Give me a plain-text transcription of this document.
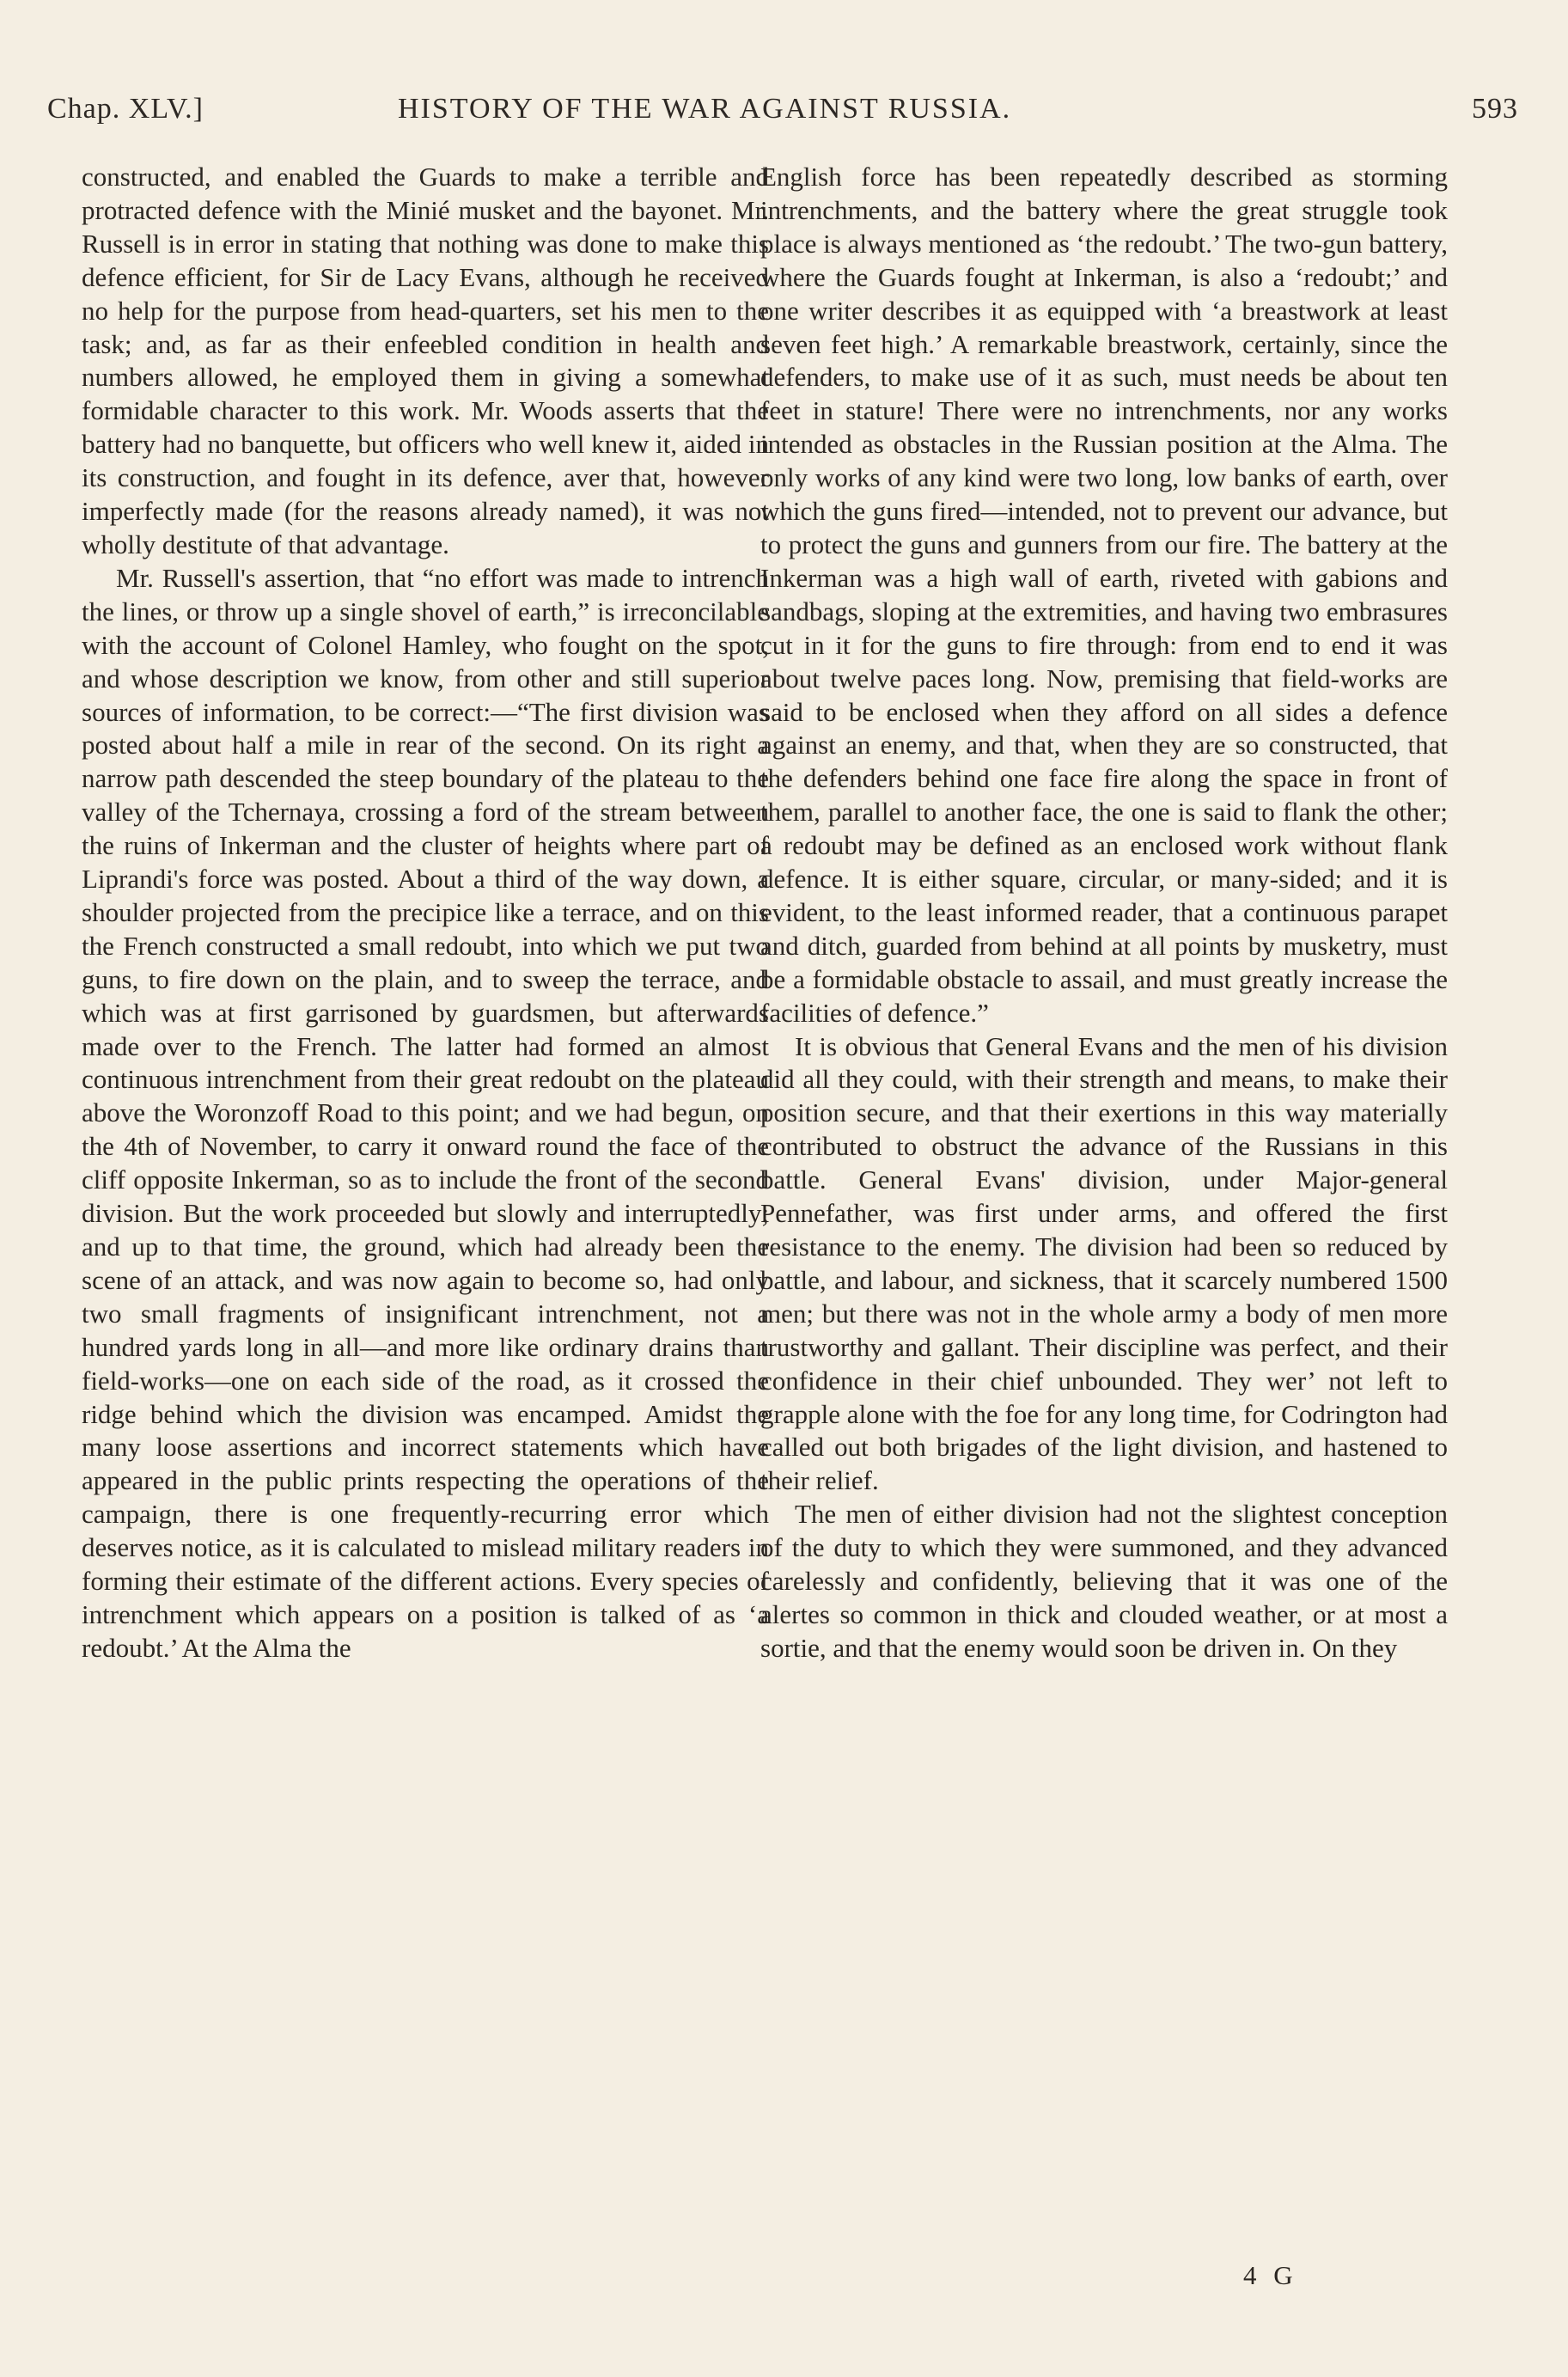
Chap. XLV.]	HISTORY OF THE WAR AGAINST RUSSIA.	593

constructed, and enabled the Guards to make a terrible and protracted defence with the Minié musket and the bayonet. Mr. Russell is in error in stating that nothing was done to make this defence efficient, for Sir de Lacy Evans, although he received no help for the purpose from head-quarters, set his men to the task; and, as far as their enfeebled condition in health and numbers allowed, he employed them in giving a somewhat formidable character to this work. Mr. Woods asserts that the battery had no banquette, but officers who well knew it, aided in its construction, and fought in its defence, aver that, however imperfectly made (for the reasons already named), it was not wholly destitute of that advantage.

Mr. Russell's assertion, that “no effort was made to intrench the lines, or throw up a single shovel of earth,” is irreconcilable with the account of Colonel Hamley, who fought on the spot, and whose description we know, from other and still superior sources of information, to be correct:—“The first division was posted about half a mile in rear of the second. On its right a narrow path descended the steep boundary of the plateau to the valley of the Tchernaya, crossing a ford of the stream between the ruins of Inkerman and the cluster of heights where part of Liprandi's force was posted. About a third of the way down, a shoulder projected from the precipice like a terrace, and on this the French constructed a small redoubt, into which we put two guns, to fire down on the plain, and to sweep the terrace, and which was at first garrisoned by guardsmen, but afterwards made over to the French. The latter had formed an almost continuous intrenchment from their great redoubt on the plateau above the Woronzoff Road to this point; and we had begun, on the 4th of November, to carry it onward round the face of the cliff opposite Inkerman, so as to include the front of the second division. But the work proceeded but slowly and interruptedly; and up to that time, the ground, which had already been the scene of an attack, and was now again to become so, had only two small fragments of insignificant intrenchment, not a hundred yards long in all—and more like ordinary drains than field-works—one on each side of the road, as it crossed the ridge behind which the division was encamped. Amidst the many loose assertions and incorrect statements which have appeared in the public prints respecting the operations of the campaign, there is one frequently-recurring error which deserves notice, as it is calculated to mislead military readers in forming their estimate of the different actions. Every species of intrenchment which appears on a position is talked of as ‘a redoubt.’ At the Alma the

English force has been repeatedly described as storming intrenchments, and the battery where the great struggle took place is always mentioned as ‘the redoubt.’ The two-gun battery, where the Guards fought at Inkerman, is also a ‘redoubt;’ and one writer describes it as equipped with ‘a breastwork at least seven feet high.’ A remarkable breastwork, certainly, since the defenders, to make use of it as such, must needs be about ten feet in stature! There were no intrenchments, nor any works intended as obstacles in the Russian position at the Alma. The only works of any kind were two long, low banks of earth, over which the guns fired—intended, not to prevent our advance, but to protect the guns and gunners from our fire. The battery at the Inkerman was a high wall of earth, riveted with gabions and sandbags, sloping at the extremities, and having two embrasures cut in it for the guns to fire through: from end to end it was about twelve paces long. Now, premising that field-works are said to be enclosed when they afford on all sides a defence against an enemy, and that, when they are so constructed, that the defenders behind one face fire along the space in front of them, parallel to another face, the one is said to flank the other; a redoubt may be defined as an enclosed work without flank defence. It is either square, circular, or many-sided; and it is evident, to the least informed reader, that a continuous parapet and ditch, guarded from behind at all points by musketry, must be a formidable obstacle to assail, and must greatly increase the facilities of defence.”

It is obvious that General Evans and the men of his division did all they could, with their strength and means, to make their position secure, and that their exertions in this way materially contributed to obstruct the advance of the Russians in this battle. General Evans' division, under Major-general Pennefather, was first under arms, and offered the first resistance to the enemy. The division had been so reduced by battle, and labour, and sickness, that it scarcely numbered 1500 men; but there was not in the whole army a body of men more trustworthy and gallant. Their discipline was perfect, and their confidence in their chief unbounded. They wer’ not left to grapple alone with the foe for any long time, for Codrington had called out both brigades of the light division, and hastened to their relief.

The men of either division had not the slightest conception of the duty to which they were summoned, and they advanced carelessly and confidently, believing that it was one of the alertes so common in thick and clouded weather, or at most a sortie, and that the enemy would soon be driven in. On they

4 G
